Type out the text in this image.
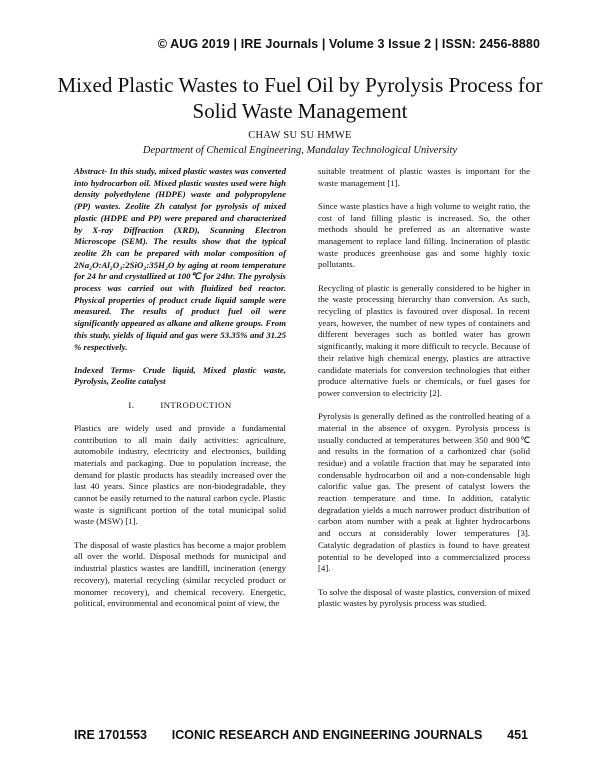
© AUG 2019 | IRE Journals | Volume 3 Issue 2 | ISSN: 2456-8880
Mixed Plastic Wastes to Fuel Oil by Pyrolysis Process for Solid Waste Management
CHAW SU SU HMWE
Department of Chemical Engineering, Mandalay Technological University

Abstract- In this study, mixed plastic wastes was converted into hydrocarbon oil. Mixed plastic wastes used were high density polyethylene (HDPE) waste and polypropylene (PP) wastes. Zeolite Zh catalyst for pyrolysis of mixed plastic (HDPE and PP) were prepared and characterized by X-ray Diffraction (XRD), Scanning Electron Microscope (SEM). The results show that the typical zeolite Zh can be prepared with molar composition of 2Na₂O:Al₂O₃:2SiO₂:35H₂O by aging at room temperature for 24 hr and crystallized at 100℃ for 24hr. The pyrolysis process was carried out with fluidized bed reactor. Physical properties of product crude liquid sample were measured. The results of product fuel oil were significantly appeared as alkane and alkene groups. From this study, yields of liquid and gas were 53.35% and 31.25 % respectively.

Indexed Terms- Crude liquid, Mixed plastic waste, Pyrolysis, Zeolite catalyst

I.	INTRODUCTION

Plastics are widely used and provide a fundamental contribution to all main daily activities: agriculture, automobile industry, electricity and electronics, building materials and packaging. Due to population increase, the demand for plastic products has steadily increased over the last 40 years. Since plastics are non-biodegradable, they cannot be easily returned to the natural carbon cycle. Plastic waste is significant portion of the total municipal solid waste (MSW) [1].

The disposal of waste plastics has become a major problem all over the world. Disposal methods for municipal and industrial plastics wastes are landfill, incineration (energy recovery), material recycling (similar recycled product or monomer recovery), and chemical recovery. Energetic, political, environmental and economical point of view, the

suitable treatment of plastic wastes is important for the waste management [1].

Since waste plastics have a high volume to weight ratio, the cost of land filling plastic is increased. So, the other methods should be preferred as an alternative waste management to replace land filling. Incineration of plastic waste produces greenhouse gas and some highly toxic pollutants.

Recycling of plastic is generally considered to be higher in the waste processing hierarchy than conversion. As such, recycling of plastics is favoured over disposal. In recent years, however, the number of new types of containers and different beverages such as bottled water has grown significantly, making it more difficult to recycle. Because of their relative high chemical energy, plastics are attractive candidate materials for conversion technologies that either produce alternative fuels or chemicals, or fuel gases for power conversion to electricity [2].

Pyrolysis is generally defined as the controlled heating of a material in the absence of oxygen. Pyrolysis process is usually conducted at temperatures between 350 and 900℃ and results in the formation of a carbonized char (solid residue) and a volatile fraction that may be separated into condensable hydrocarbon oil and a non-condensable high calorific value gas. The present of catalyst lowers the reaction temperature and time. In addition, catalytic degradation yields a much narrower product distribution of carbon atom number with a peak at lighter hydrocarbons and occurs at considerably lower temperatures [3]. Catalytic degradation of plastics is found to have greatest potential to be developed into a commercialized process [4].

To solve the disposal of waste plastics, conversion of mixed plastic wastes by pyrolysis process was studied.

IRE 1701553 ICONIC RESEARCH AND ENGINEERING JOURNALS 451
